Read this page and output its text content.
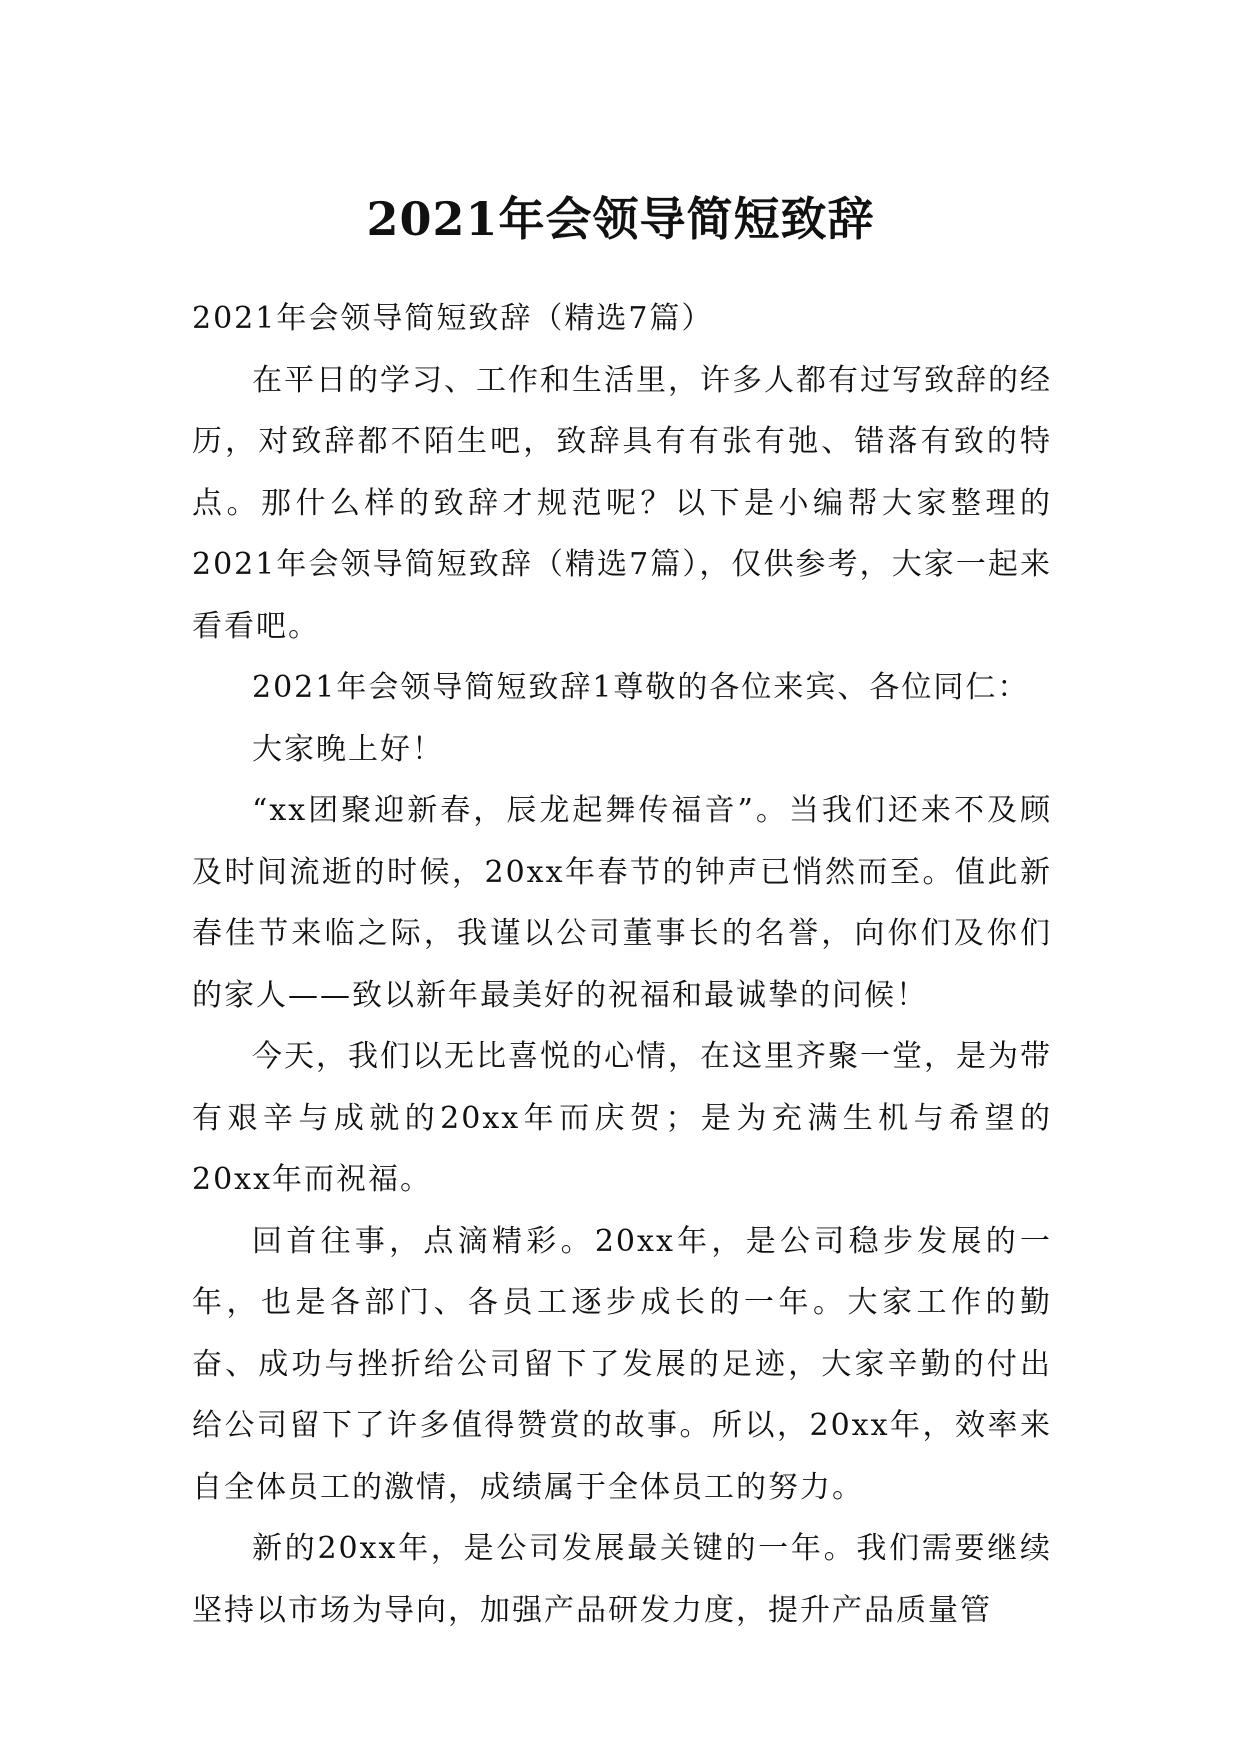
2021年会领导简短致辞

2021年会领导简短致辞（精选7篇）

在平日的学习、工作和生活里，许多人都有过写致辞的经历，对致辞都不陌生吧，致辞具有有张有弛、错落有致的特点。那什么样的致辞才规范呢？以下是小编帮大家整理的2021年会领导简短致辞（精选7篇），仅供参考，大家一起来看看吧。

2021年会领导简短致辞1尊敬的各位来宾、各位同仁：

大家晚上好！

“xx团聚迎新春，辰龙起舞传福音”。当我们还来不及顾及时间流逝的时候，20xx年春节的钟声已悄然而至。值此新春佳节来临之际，我谨以公司董事长的名誉，向你们及你们的家人——致以新年最美好的祝福和最诚挚的问候！

今天，我们以无比喜悦的心情，在这里齐聚一堂，是为带有艰辛与成就的20xx年而庆贺；是为充满生机与希望的20xx年而祝福。

回首往事，点滴精彩。20xx年，是公司稳步发展的一年，也是各部门、各员工逐步成长的一年。大家工作的勤奋、成功与挫折给公司留下了发展的足迹，大家辛勤的付出给公司留下了许多值得赞赏的故事。所以，20xx年，效率来自全体员工的激情，成绩属于全体员工的努力。

新的20xx年，是公司发展最关键的一年。我们需要继续坚持以市场为导向，加强产品研发力度，提升产品质量管
